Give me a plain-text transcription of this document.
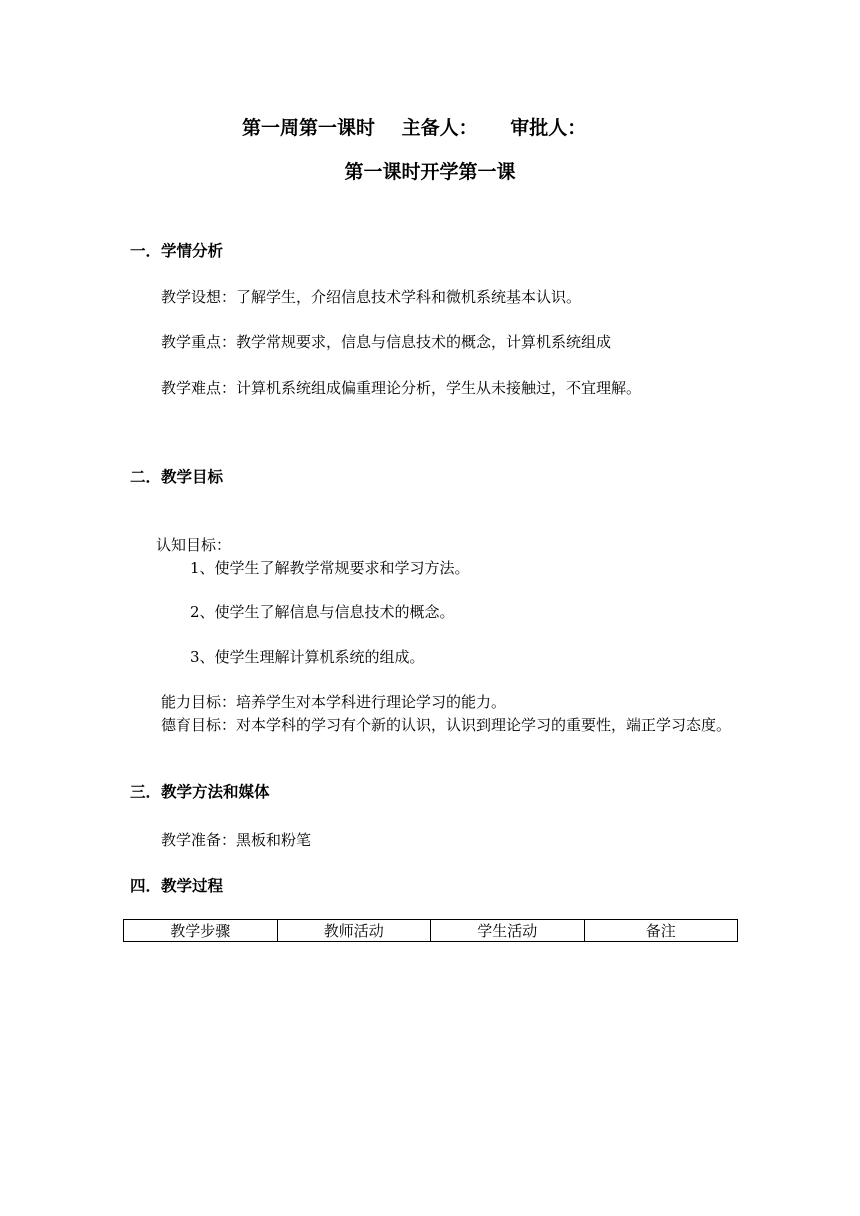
第一周第一课时 主备人： 审批人：
第一课时开学第一课
一．学情分析
教学设想： 了解学生，介绍信息技术学科和微机系统基本认识。
教学重点： 教学常规要求，信息与信息技术的概念，计算机系统组成
教学难点： 计算机系统组成偏重理论分析，学生从未接触过，不宜理解。
二．教学目标
认知目标：
1、使学生了解教学常规要求和学习方法。
2、使学生了解信息与信息技术的概念。
3、使学生理解计算机系统的组成。
能力目标： 培养学生对本学科进行理论学习的能力。
德育目标： 对本学科的学习有个新的认识，认识到理论学习的重要性，端正学习态度。
三．教学方法和媒体
教学准备： 黑板和粉笔
四．教学过程
教学步骤	教师活动	学生活动	备注
